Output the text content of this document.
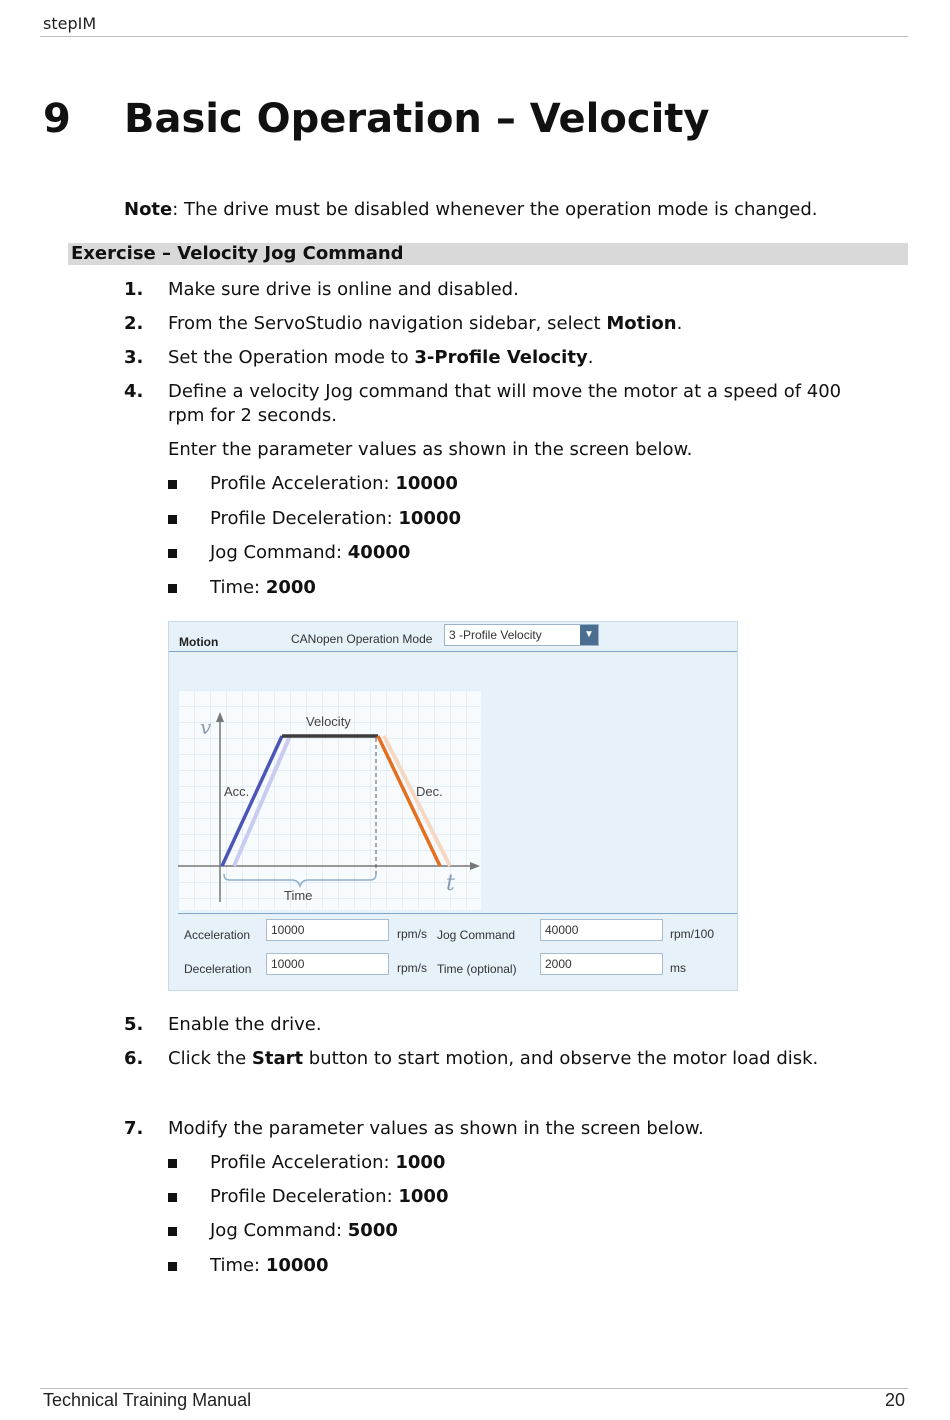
stepIM
9 Basic Operation – Velocity
Note: The drive must be disabled whenever the operation mode is changed.
Exercise – Velocity Jog Command
1. Make sure drive is online and disabled.
2. From the ServoStudio navigation sidebar, select Motion.
3. Set the Operation mode to 3-Profile Velocity.
4. Define a velocity Jog command that will move the motor at a speed of 400 rpm for 2 seconds.
Enter the parameter values as shown in the screen below.
Profile Acceleration: 10000
Profile Deceleration: 10000
Jog Command: 40000
Time: 2000
Motion	CANopen Operation Mode	3 -Profile Velocity	▼
v	Velocity
Acc.	Dec.
Time	t
Acceleration	10000	rpm/s Jog Command	40000	rpm/100
Deceleration	10000	rpm/s Time (optional)	2000	ms
5. Enable the drive.
6. Click the Start button to start motion, and observe the motor load disk.
7. Modify the parameter values as shown in the screen below.
Profile Acceleration: 1000
Profile Deceleration: 1000
Jog Command: 5000
Time: 10000
Technical Training Manual	20
